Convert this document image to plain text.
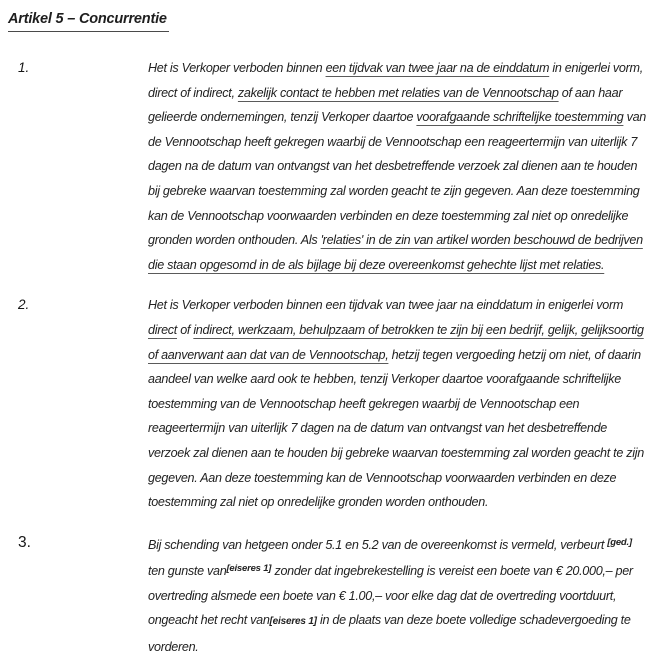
Artikel 5 – Concurrentie
1.	Het is Verkoper verboden binnen een tijdvak van twee jaar na de einddatum in enigerlei vorm, direct of indirect, zakelijk contact te hebben met relaties van de Vennootschap of aan haar gelieerde ondernemingen, tenzij Verkoper daartoe voorafgaande schriftelijke toestemming van de Vennootschap heeft gekregen waarbij de Vennootschap een reageertermijn van uiterlijk 7 dagen na de datum van ontvangst van het desbetreffende verzoek zal dienen aan te houden bij gebreke waarvan toestemming zal worden geacht te zijn gegeven. Aan deze toestemming kan de Vennootschap voorwaarden verbinden en deze toestemming zal niet op onredelijke gronden worden onthouden. Als 'relaties' in de zin van artikel worden beschouwd de bedrijven die staan opgesomd in de als bijlage bij deze overeenkomst gehechte lijst met relaties.
2.	Het is Verkoper verboden binnen een tijdvak van twee jaar na einddatum in enigerlei vorm direct of indirect, werkzaam, behulpzaam of betrokken te zijn bij een bedrijf, gelijk, gelijksoortig of aanverwant aan dat van de Vennootschap, hetzij tegen vergoeding hetzij om niet, of daarin aandeel van welke aard ook te hebben, tenzij Verkoper daartoe voorafgaande schriftelijke toestemming van de Vennootschap heeft gekregen waarbij de Vennootschap een reageertermijn van uiterlijk 7 dagen na de datum van ontvangst van het desbetreffende verzoek zal dienen aan te houden bij gebreke waarvan toestemming zal worden geacht te zijn gegeven. Aan deze toestemming kan de Vennootschap voorwaarden verbinden en deze toestemming zal niet op onredelijke gronden worden onthouden.
3.	Bij schending van hetgeen onder 5.1 en 5.2 van de overeenkomst is vermeld, verbeurt [ged.] ten gunste van[eiseres 1] zonder dat ingebrekestelling is vereist een boete van € 20.000,– per overtreding alsmede een boete van € 1.00,– voor elke dag dat de overtreding voortduurt, ongeacht het recht van[eiseres 1] in de plaats van deze boete volledige schadevergoeding te vorderen.
